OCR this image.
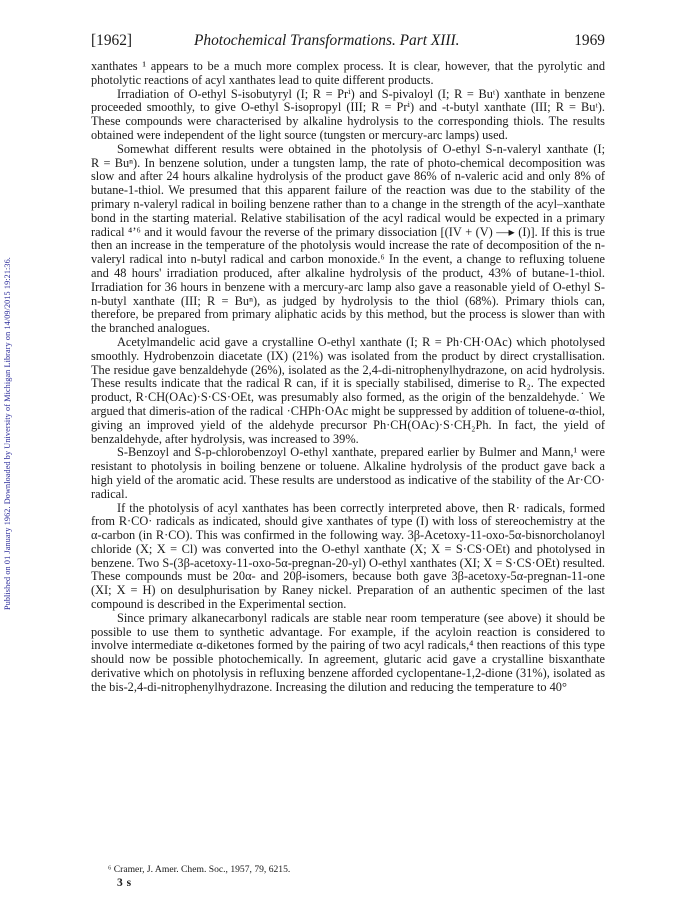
Published on 01 January 1962. Downloaded by University of Michigan Library on 14/09/2015 19:21:36.
[1962]	Photochemical Transformations. Part XIII.	1969

xanthates ¹ appears to be a much more complex process. It is clear, however, that the pyrolytic and photolytic reactions of acyl xanthates lead to quite different products.

Irradiation of O-ethyl S-isobutyryl (I; R = Prⁱ) and S-pivaloyl (I; R = Buᵗ) xanthate in benzene proceeded smoothly, to give O-ethyl S-isopropyl (III; R = Prⁱ) and -t-butyl xanthate (III; R = Buᵗ). These compounds were characterised by alkaline hydrolysis to the corresponding thiols. The results obtained were independent of the light source (tungsten or mercury-arc lamps) used.

Somewhat different results were obtained in the photolysis of O-ethyl S-n-valeryl xanthate (I; R = Buⁿ). In benzene solution, under a tungsten lamp, the rate of photo-chemical decomposition was slow and after 24 hours alkaline hydrolysis of the product gave 86% of n-valeric acid and only 8% of butane-1-thiol. We presumed that this apparent failure of the reaction was due to the stability of the primary n-valeryl radical in boiling benzene rather than to a change in the strength of the acyl–xanthate bond in the starting material. Relative stabilisation of the acyl radical would be expected in a primary radical ⁴ʼ⁶ and it would favour the reverse of the primary dissociation [(IV + (V) —▸ (I)]. If this is true then an increase in the temperature of the photolysis would increase the rate of decomposition of the n-valeryl radical into n-butyl radical and carbon monoxide.⁶ In the event, a change to refluxing toluene and 48 hours' irradiation produced, after alkaline hydrolysis of the product, 43% of butane-1-thiol. Irradiation for 36 hours in benzene with a mercury-arc lamp also gave a reasonable yield of O-ethyl S-n-butyl xanthate (III; R = Buⁿ), as judged by hydrolysis to the thiol (68%). Primary thiols can, therefore, be prepared from primary aliphatic acids by this method, but the process is slower than with the branched analogues.

Acetylmandelic acid gave a crystalline O-ethyl xanthate (I; R = Ph·CH·OAc) which photolysed smoothly. Hydrobenzoin diacetate (IX) (21%) was isolated from the product by direct crystallisation. The residue gave benzaldehyde (26%), isolated as the 2,4-di-nitrophenylhydrazone, on acid hydrolysis. These results indicate that the radical R can, if it is specially stabilised, dimerise to R₂. The expected product, R·CH(OAc)·S·CS·OEt, was presumably also formed, as the origin of the benzaldehyde.˙ We argued that dimeris-ation of the radical ·CHPh·OAc might be suppressed by addition of toluene-α-thiol, giving an improved yield of the aldehyde precursor Ph·CH(OAc)·S·CH₂Ph. In fact, the yield of benzaldehyde, after hydrolysis, was increased to 39%.

S-Benzoyl and S-p-chlorobenzoyl O-ethyl xanthate, prepared earlier by Bulmer and Mann,¹ were resistant to photolysis in boiling benzene or toluene. Alkaline hydrolysis of the product gave back a high yield of the aromatic acid. These results are understood as indicative of the stability of the Ar·CO· radical.

If the photolysis of acyl xanthates has been correctly interpreted above, then R· radicals, formed from R·CO· radicals as indicated, should give xanthates of type (I) with loss of stereochemistry at the α-carbon (in R·CO). This was confirmed in the following way. 3β-Acetoxy-11-oxo-5α-bisnorcholanoyl chloride (X; X = Cl) was converted into the O-ethyl xanthate (X; X = S·CS·OEt) and photolysed in benzene. Two S-(3β-acetoxy-11-oxo-5α-pregnan-20-yl) O-ethyl xanthates (XI; X = S·CS·OEt) resulted. These compounds must be 20α- and 20β-isomers, because both gave 3β-acetoxy-5α-pregnan-11-one (XI; X = H) on desulphurisation by Raney nickel. Preparation of an authentic specimen of the last compound is described in the Experimental section.

Since primary alkanecarbonyl radicals are stable near room temperature (see above) it should be possible to use them to synthetic advantage. For example, if the acyloin reaction is considered to involve intermediate α-diketones formed by the pairing of two acyl radicals,⁴ then reactions of this type should now be possible photochemically. In agreement, glutaric acid gave a crystalline bisxanthate derivative which on photolysis in refluxing benzene afforded cyclopentane-1,2-dione (31%), isolated as the bis-2,4-di-nitrophenylhydrazone. Increasing the dilution and reducing the temperature to 40°

⁶ Cramer, J. Amer. Chem. Soc., 1957, 79, 6215.
3 s
